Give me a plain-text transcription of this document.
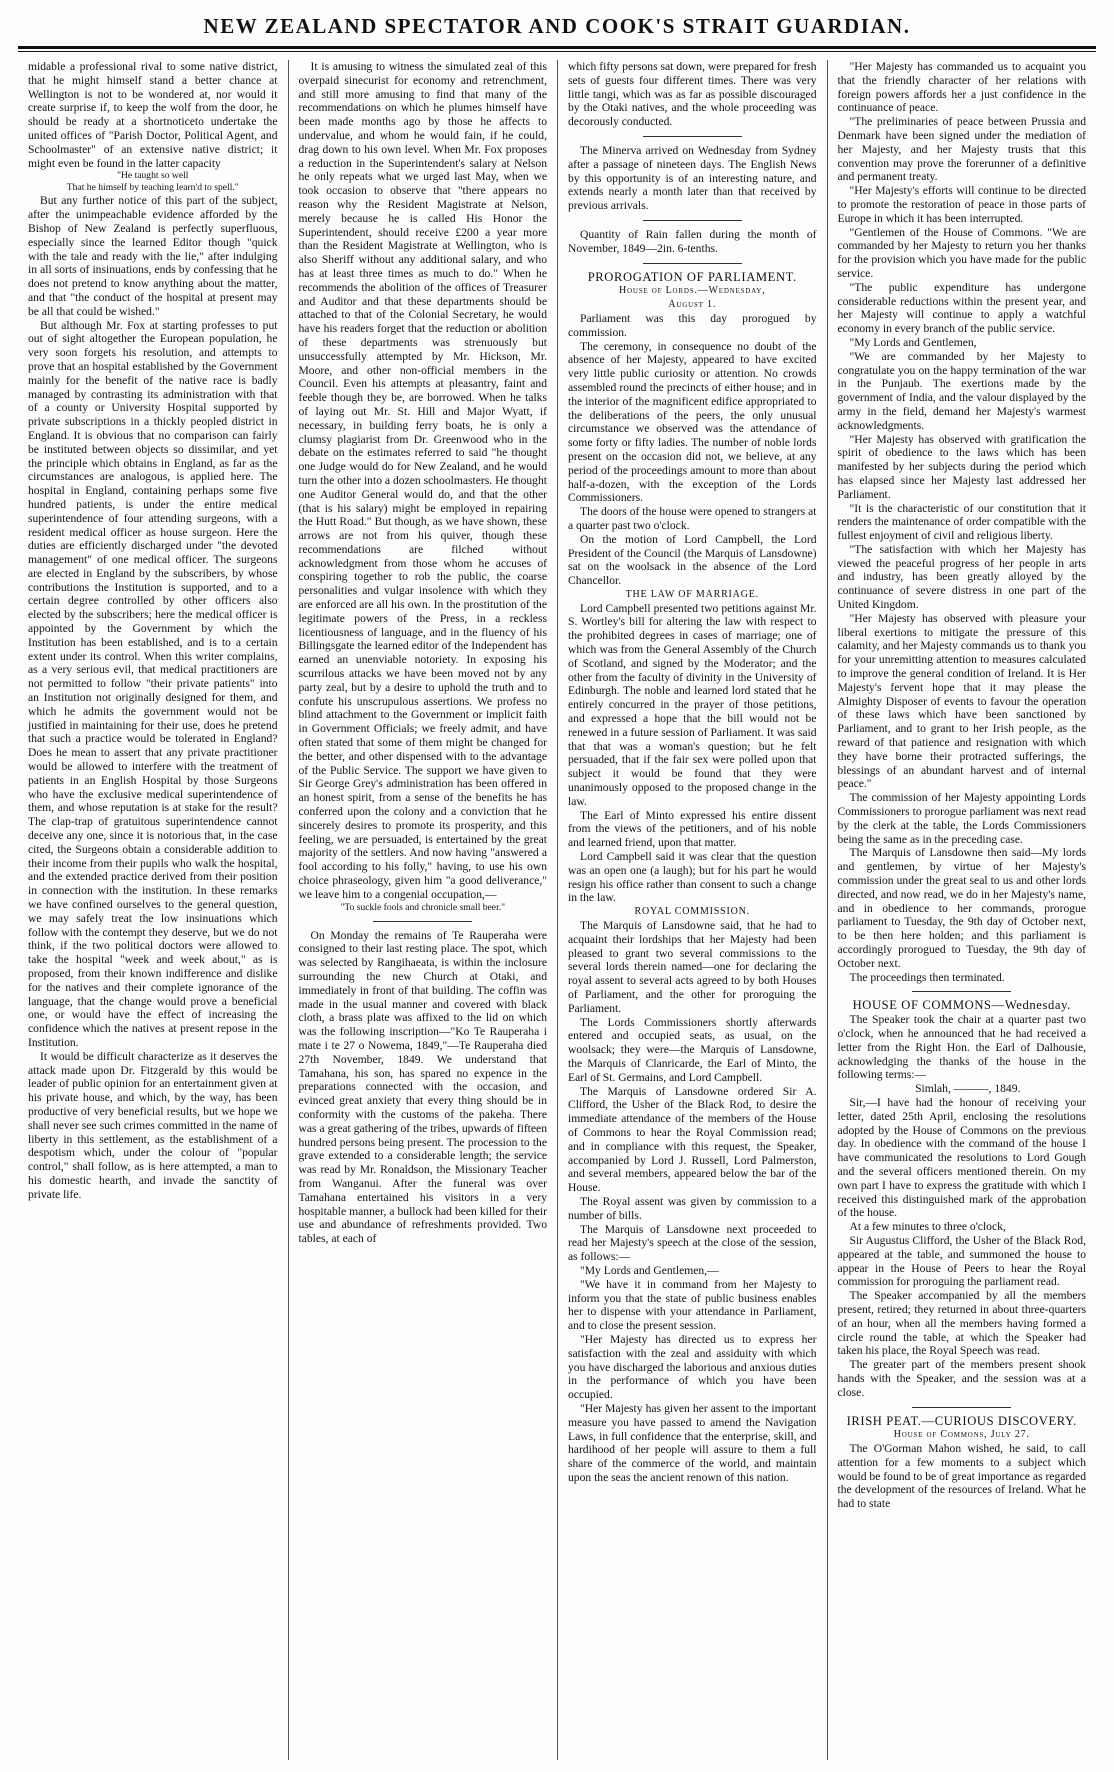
NEW ZEALAND SPECTATOR AND COOK'S STRAIT GUARDIAN.

midable a professional rival to some native district, that he might himself stand a better chance at Wellington is not to be wondered at, nor would it create surprise if, to keep the wolf from the door, he should be ready at a shortnoticeto undertake the united offices of "Parish Doctor, Political Agent, and Schoolmaster" of an extensive native district; it might even be found in the latter capacity

"He taught so well

That he himself by teaching learn'd to spell."

But any further notice of this part of the subject, after the unimpeachable evidence afforded by the Bishop of New Zealand is perfectly superfluous, especially since the learned Editor though "quick with the tale and ready with the lie," after indulging in all sorts of insinuations, ends by confessing that he does not pretend to know anything about the matter, and that "the conduct of the hospital at present may be all that could be wished."

But although Mr. Fox at starting professes to put out of sight altogether the European population, he very soon forgets his resolution, and attempts to prove that an hospital established by the Government mainly for the benefit of the native race is badly managed by contrasting its administration with that of a county or University Hospital supported by private subscriptions in a thickly peopled district in England. It is obvious that no comparison can fairly be instituted between objects so dissimilar, and yet the principle which obtains in England, as far as the circumstances are analogous, is applied here. The hospital in England, containing perhaps some five hundred patients, is under the entire medical superintendence of four attending surgeons, with a resident medical officer as house surgeon. Here the duties are efficiently discharged under "the devoted management" of one medical officer. The surgeons are elected in England by the subscribers, by whose contributions the Institution is supported, and to a certain degree controlled by other officers also elected by the subscribers; here the medical officer is appointed by the Government by which the Institution has been established, and is to a certain extent under its control. When this writer complains, as a very serious evil, that medical practitioners are not permitted to follow "their private patients" into an Institution not originally designed for them, and which he admits the government would not be justified in maintaining for their use, does he pretend that such a practice would be tolerated in England? Does he mean to assert that any private practitioner would be allowed to interfere with the treatment of patients in an English Hospital by those Surgeons who have the exclusive medical superintendence of them, and whose reputation is at stake for the result? The clap-trap of gratuitous superintendence cannot deceive any one, since it is notorious that, in the case cited, the Surgeons obtain a considerable addition to their income from their pupils who walk the hospital, and the extended practice derived from their position in connection with the institution. In these remarks we have confined ourselves to the general question, we may safely treat the low insinuations which follow with the contempt they deserve, but we do not think, if the two political doctors were allowed to take the hospital "week and week about," as is proposed, from their known indifference and dislike for the natives and their complete ignorance of the language, that the change would prove a beneficial one, or would have the effect of increasing the confidence which the natives at present repose in the Institution.

It would be difficult characterize as it deserves the attack made upon Dr. Fitzgerald by this would be leader of public opinion for an entertainment given at his private house, and which, by the way, has been productive of very beneficial results, but we hope we shall never see such crimes committed in the name of liberty in this settlement, as the establishment of a despotism which, under the colour of "popular control," shall follow, as is here attempted, a man to his domestic hearth, and invade the sanctity of private life.

It is amusing to witness the simulated zeal of this overpaid sinecurist for economy and retrenchment, and still more amusing to find that many of the recommendations on which he plumes himself have been made months ago by those he affects to undervalue, and whom he would fain, if he could, drag down to his own level. When Mr. Fox proposes a reduction in the Superintendent's salary at Nelson he only repeats what we urged last May, when we took occasion to observe that "there appears no reason why the Resident Magistrate at Nelson, merely because he is called His Honor the Superintendent, should receive £200 a year more than the Resident Magistrate at Wellington, who is also Sheriff without any additional salary, and who has at least three times as much to do." When he recommends the abolition of the offices of Treasurer and Auditor and that these departments should be attached to that of the Colonial Secretary, he would have his readers forget that the reduction or abolition of these departments was strenuously but unsuccessfully attempted by Mr. Hickson, Mr. Moore, and other non-official members in the Council. Even his attempts at pleasantry, faint and feeble though they be, are borrowed. When he talks of laying out Mr. St. Hill and Major Wyatt, if necessary, in building ferry boats, he is only a clumsy plagiarist from Dr. Greenwood who in the debate on the estimates referred to said "he thought one Judge would do for New Zealand, and he would turn the other into a dozen schoolmasters. He thought one Auditor General would do, and that the other (that is his salary) might be employed in repairing the Hutt Road." But though, as we have shown, these arrows are not from his quiver, though these recommendations are filched without acknowledgment from those whom he accuses of conspiring together to rob the public, the coarse personalities and vulgar insolence with which they are enforced are all his own. In the prostitution of the legitimate powers of the Press, in a reckless licentiousness of language, and in the fluency of his Billingsgate the learned editor of the Independent has earned an unenviable notoriety. In exposing his scurrilous attacks we have been moved not by any party zeal, but by a desire to uphold the truth and to confute his unscrupulous assertions. We profess no blind attachment to the Government or implicit faith in Government Officials; we freely admit, and have often stated that some of them might be changed for the better, and other dispensed with to the advantage of the Public Service. The support we have given to Sir George Grey's administration has been offered in an honest spirit, from a sense of the benefits he has conferred upon the colony and a conviction that he sincerely desires to promote its prosperity, and this feeling, we are persuaded, is entertained by the great majority of the settlers. And now having "answered a fool according to his folly," having, to use his own choice phraseology, given him "a good deliverance," we leave him to a congenial occupation,—

"To suckle fools and chronicle small beer."

On Monday the remains of Te Rauperaha were consigned to their last resting place. The spot, which was selected by Rangihaeata, is within the inclosure surrounding the new Church at Otaki, and immediately in front of that building. The coffin was made in the usual manner and covered with black cloth, a brass plate was affixed to the lid on which was the following inscription—"Ko Te Rauperaha i mate i te 27 o Nowema, 1849,"—Te Rauperaha died 27th November, 1849. We understand that Tamahana, his son, has spared no expence in the preparations connected with the occasion, and evinced great anxiety that every thing should be in conformity with the customs of the pakeha. There was a great gathering of the tribes, upwards of fifteen hundred persons being present. The procession to the grave extended to a considerable length; the service was read by Mr. Ronaldson, the Missionary Teacher from Wanganui. After the funeral was over Tamahana entertained his visitors in a very hospitable manner, a bullock had been killed for their use and abundance of refreshments provided. Two tables, at each of

which fifty persons sat down, were prepared for fresh sets of guests four different times. There was very little tangi, which was as far as possible discouraged by the Otaki natives, and the whole proceeding was decorously conducted.

The Minerva arrived on Wednesday from Sydney after a passage of nineteen days. The English News by this opportunity is of an interesting nature, and extends nearly a month later than that received by previous arrivals.

Quantity of Rain fallen during the month of November, 1849—2in. 6-tenths.

PROROGATION OF PARLIAMENT.

House of Lords.—Wednesday,

August 1.

Parliament was this day prorogued by commission.

The ceremony, in consequence no doubt of the absence of her Majesty, appeared to have excited very little public curiosity or attention. No crowds assembled round the precincts of either house; and in the interior of the magnificent edifice appropriated to the deliberations of the peers, the only unusual circumstance we observed was the attendance of some forty or fifty ladies. The number of noble lords present on the occasion did not, we believe, at any period of the proceedings amount to more than about half-a-dozen, with the exception of the Lords Commissioners.

The doors of the house were opened to strangers at a quarter past two o'clock.

On the motion of Lord Campbell, the Lord President of the Council (the Marquis of Lansdowne) sat on the woolsack in the absence of the Lord Chancellor.

THE LAW OF MARRIAGE.

Lord Campbell presented two petitions against Mr. S. Wortley's bill for altering the law with respect to the prohibited degrees in cases of marriage; one of which was from the General Assembly of the Church of Scotland, and signed by the Moderator; and the other from the faculty of divinity in the University of Edinburgh. The noble and learned lord stated that he entirely concurred in the prayer of those petitions, and expressed a hope that the bill would not be renewed in a future session of Parliament. It was said that that was a woman's question; but he felt persuaded, that if the fair sex were polled upon that subject it would be found that they were unanimously opposed to the proposed change in the law.

The Earl of Minto expressed his entire dissent from the views of the petitioners, and of his noble and learned friend, upon that matter.

Lord Campbell said it was clear that the question was an open one (a laugh); but for his part he would resign his office rather than consent to such a change in the law.

ROYAL COMMISSION.

The Marquis of Lansdowne said, that he had to acquaint their lordships that her Majesty had been pleased to grant two several commissions to the several lords therein named—one for declaring the royal assent to several acts agreed to by both Houses of Parliament, and the other for proroguing the Parliament.

The Lords Commissioners shortly afterwards entered and occupied seats, as usual, on the woolsack; they were—the Marquis of Lansdowne, the Marquis of Clanricarde, the Earl of Minto, the Earl of St. Germains, and Lord Campbell.

The Marquis of Lansdowne ordered Sir A. Clifford, the Usher of the Black Rod, to desire the immediate attendance of the members of the House of Commons to hear the Royal Commission read; and in compliance with this request, the Speaker, accompanied by Lord J. Russell, Lord Palmerston, and several members, appeared below the bar of the House.

The Royal assent was given by commission to a number of bills.

The Marquis of Lansdowne next proceeded to read her Majesty's speech at the close of the session, as follows:—

"My Lords and Gentlemen,—

"We have it in command from her Majesty to inform you that the state of public business enables her to dispense with your attendance in Parliament, and to close the present session.

"Her Majesty has directed us to express her satisfaction with the zeal and assiduity with which you have discharged the laborious and anxious duties in the performance of which you have been occupied.

"Her Majesty has given her assent to the important measure you have passed to amend the Navigation Laws, in full confidence that the enterprise, skill, and hardihood of her people will assure to them a full share of the commerce of the world, and maintain upon the seas the ancient renown of this nation.

"Her Majesty has commanded us to acquaint you that the friendly character of her relations with foreign powers affords her a just confidence in the continuance of peace.

"The preliminaries of peace between Prussia and Denmark have been signed under the mediation of her Majesty, and her Majesty trusts that this convention may prove the forerunner of a definitive and permanent treaty.

"Her Majesty's efforts will continue to be directed to promote the restoration of peace in those parts of Europe in which it has been interrupted.

"Gentlemen of the House of Commons. "We are commanded by her Majesty to return you her thanks for the provision which you have made for the public service.

"The public expenditure has undergone considerable reductions within the present year, and her Majesty will continue to apply a watchful economy in every branch of the public service.

"My Lords and Gentlemen,

"We are commanded by her Majesty to congratulate you on the happy termination of the war in the Punjaub. The exertions made by the government of India, and the valour displayed by the army in the field, demand her Majesty's warmest acknowledgments.

"Her Majesty has observed with gratification the spirit of obedience to the laws which has been manifested by her subjects during the period which has elapsed since her Majesty last addressed her Parliament.

"It is the characteristic of our constitution that it renders the maintenance of order compatible with the fullest enjoyment of civil and religious liberty.

"The satisfaction with which her Majesty has viewed the peaceful progress of her people in arts and industry, has been greatly alloyed by the continuance of severe distress in one part of the United Kingdom.

"Her Majesty has observed with pleasure your liberal exertions to mitigate the pressure of this calamity, and her Majesty commands us to thank you for your unremitting attention to measures calculated to improve the general condition of Ireland. It is Her Majesty's fervent hope that it may please the Almighty Disposer of events to favour the operation of these laws which have been sanctioned by Parliament, and to grant to her Irish people, as the reward of that patience and resignation with which they have borne their protracted sufferings, the blessings of an abundant harvest and of internal peace."

The commission of her Majesty appointing Lords Commissioners to prorogue parliament was next read by the clerk at the table, the Lords Commissioners being the same as in the preceding case.

The Marquis of Lansdowne then said—My lords and gentlemen, by virtue of her Majesty's commission under the great seal to us and other lords directed, and now read, we do in her Majesty's name, and in obedience to her commands, prorogue parliament to Tuesday, the 9th day of October next, to be then here holden; and this parliament is accordingly prorogued to Tuesday, the 9th day of October next.

The proceedings then terminated.

HOUSE OF COMMONS—Wednesday.

The Speaker took the chair at a quarter past two o'clock, when he announced that he had received a letter from the Right Hon. the Earl of Dalhousie, acknowledging the thanks of the house in the following terms:—

Simlah, ———, 1849.

Sir,—I have had the honour of receiving your letter, dated 25th April, enclosing the resolutions adopted by the House of Commons on the previous day. In obedience with the command of the house I have communicated the resolutions to Lord Gough and the several officers mentioned therein. On my own part I have to express the gratitude with which I received this distinguished mark of the approbation of the house.

At a few minutes to three o'clock,

Sir Augustus Clifford, the Usher of the Black Rod, appeared at the table, and summoned the house to appear in the House of Peers to hear the Royal commission for proroguing the parliament read.

The Speaker accompanied by all the members present, retired; they returned in about three-quarters of an hour, when all the members having formed a circle round the table, at which the Speaker had taken his place, the Royal Speech was read.

The greater part of the members present shook hands with the Speaker, and the session was at a close.

IRISH PEAT.—CURIOUS DISCOVERY.

House of Commons, July 27.

The O'Gorman Mahon wished, he said, to call attention for a few moments to a subject which would be found to be of great importance as regarded the development of the resources of Ireland. What he had to state
